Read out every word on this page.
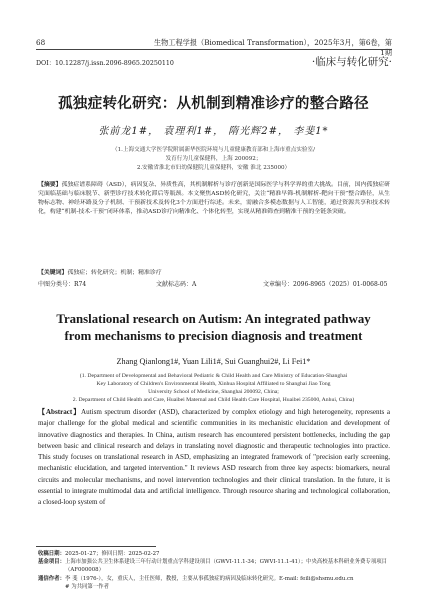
68	生物工程学报（Biomedical Transformation），2025年3月，第6卷，第1期
DOI：10.12287/j.issn.2096-8965.20250110	·临床与转化研究·
孤独症转化研究：从机制到精准诊疗的整合路径
张前龙1#， 袁理利1#， 隋光辉2#， 李斐1*
（1.上海交通大学医学院附属新华医院环境与儿童健康教育部和上海市重点实验室/
发育行为儿童保健科，上海 200092；
2.安徽省淮北市妇幼保健院儿童保健科，安徽 淮北 235000）
【摘要】孤独症谱系障碍（ASD），病因复杂、异质性高，其机制解析与诊疗创新是国际医学与科学界的重大挑战。目前，国内孤独症研究面临基础与临床脱节、新型诊疗技术转化滞后等瓶颈。本文聚焦ASD转化研究，关注“精准早筛-机制解析-靶向干预”整合路径，从生物标志物、神经环路及分子机制、干预新技术及转化3个方面进行综述。未来，需融合多模态数据与人工智能，通过资源共享和技术转化，构建“机制-技术-干预”闭环体系，推动ASD诊疗向精准化、个体化转型，实现从精准筛查到精准干预的全链条突破。
【关键词】孤独症；转化研究；机制；精准诊疗
中图分类号：R74	文献标志码：A	文章编号：2096-8965（2025）01-0068-05
Translational research on Autism: An integrated pathway
from mechanisms to precision diagnosis and treatment
Zhang Qianlong1#, Yuan Lili1#, Sui Guanghui2#, Li Fei1*
(1. Department of Developmental and Behavioral Pediatric & Child Health and Care Ministry of Education-Shanghai
Key Laboratory of Children's Environmental Health, Xinhua Hospital Affiliated to Shanghai Jiao Tong
University School of Medicine, Shanghai 200092, China;
2. Department of Child Health and Care, Huaibei Maternal and Child Health Care Hospital, Huaibei 235000, Anhui, China)
【Abstract】Autism spectrum disorder (ASD), characterized by complex etiology and high heterogeneity, represents a major challenge for the global medical and scientific communities in its mechanistic elucidation and development of innovative diagnostics and therapies. In China, autism research has encountered persistent bottlenecks, including the gap between basic and clinical research and delays in translating novel diagnostic and therapeutic technologies into practice. This study focuses on translational research in ASD, emphasizing an integrated framework of "precision early screening, mechanistic elucidation, and targeted intervention." It reviews ASD research from three key aspects: biomarkers, neural circuits and molecular mechanisms, and novel intervention technologies and their clinical translation. In the future, it is essential to integrate multimodal data and artificial intelligence. Through resource sharing and technological collaboration, a closed-loop system of
收稿日期： 2025-01-27；修回日期：2025-02-27
基金项目： 上海市加强公共卫生体系建设三年行动计划重点学科建设项目（GWVI-11.1-34；GWVI-11.1-41）；中央高校基本科研业务费专项项目（AF000008）
通信作者： 李 斐（1976-），女，重庆人，主任医师，教授，主要从事孤独症的病因及临床转化研究。E-mail: feili@shsmu.edu.cn
# 为共同第一作者
